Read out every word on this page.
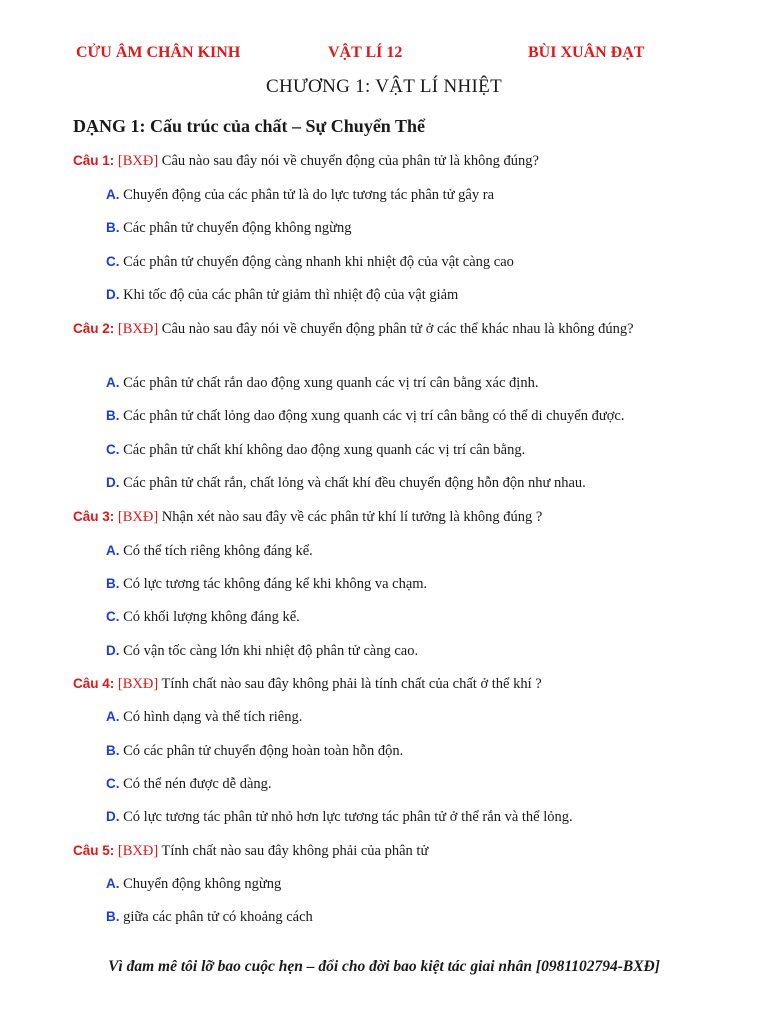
CỬU ÂM CHÂN KINH	VẬT LÍ 12	BÙI XUÂN ĐẠT
CHƯƠNG 1: VẬT LÍ NHIỆT
DẠNG 1: Cấu trúc của chất – Sự Chuyển Thể
Câu 1: [BXĐ] Câu nào sau đây nói về chuyển động của phân tử là không đúng?
A. Chuyển động của các phân tử là do lực tương tác phân tử gây ra
B. Các phân tử chuyển động không ngừng
C. Các phân tử chuyển động càng nhanh khi nhiệt độ của vật càng cao
D. Khi tốc độ của các phân tử giảm thì nhiệt độ của vật giảm
Câu 2: [BXĐ] Câu nào sau đây nói về chuyển động phân tử ở các thể khác nhau là không đúng?
A. Các phân tử chất rắn dao động xung quanh các vị trí cân bằng xác định.
B. Các phân tử chất lỏng dao động xung quanh các vị trí cân bằng có thể di chuyển được.
C. Các phân tử chất khí không dao động xung quanh các vị trí cân bằng.
D. Các phân tử chất rắn, chất lỏng và chất khí đều chuyển động hỗn độn như nhau.
Câu 3: [BXĐ] Nhận xét nào sau đây về các phân tử khí lí tưởng là không đúng ?
A. Có thể tích riêng không đáng kể.
B. Có lực tương tác không đáng kể khi không va chạm.
C. Có khối lượng không đáng kể.
D. Có vận tốc càng lớn khi nhiệt độ phân tử càng cao.
Câu 4: [BXĐ] Tính chất nào sau đây không phải là tính chất của chất ở thể khí ?
A. Có hình dạng và thể tích riêng.
B. Có các phân tử chuyển động hoàn toàn hỗn độn.
C. Có thể nén được dễ dàng.
D. Có lực tương tác phân tử nhỏ hơn lực tương tác phân tử ở thể rắn và thể lỏng.
Câu 5: [BXĐ] Tính chất nào sau đây không phải của phân tử
A. Chuyển động không ngừng
B. giữa các phân tử có khoảng cách
Vì đam mê tôi lỡ bao cuộc hẹn – đổi cho đời bao kiệt tác giai nhân [0981102794-BXĐ]
